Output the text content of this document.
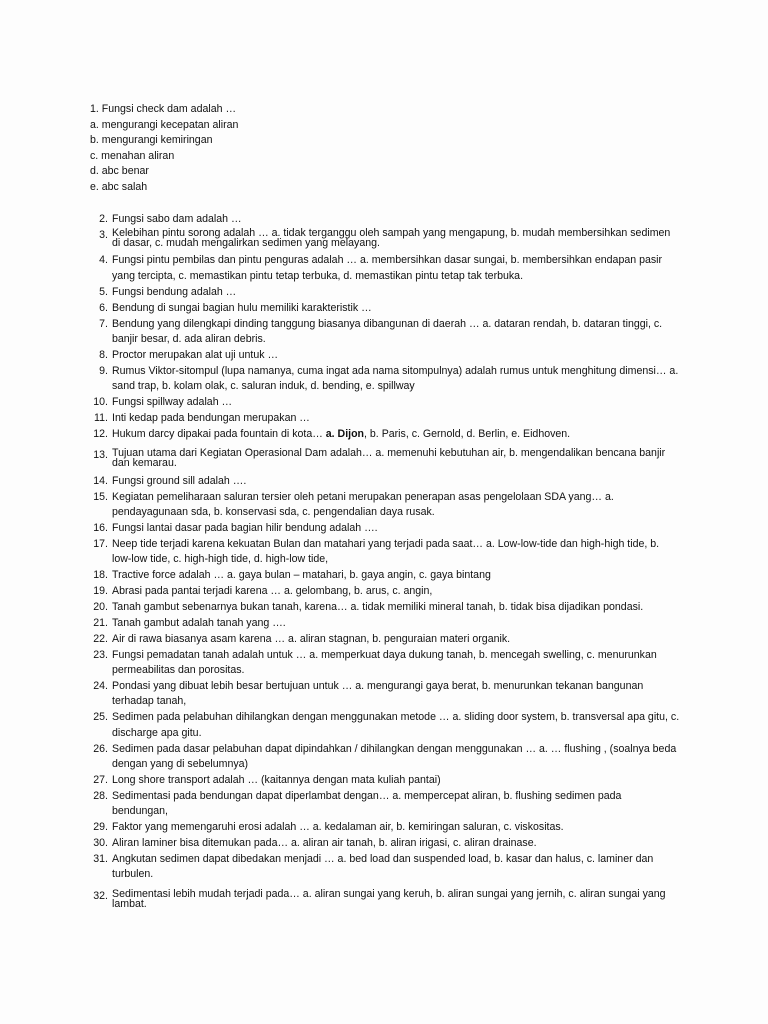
1. Fungsi check dam adalah …
a. mengurangi kecepatan aliran
b. mengurangi kemiringan
c. menahan aliran
d. abc benar
e. abc salah
2. Fungsi sabo dam adalah …
3. Kelebihan pintu sorong adalah … a. tidak terganggu oleh sampah yang mengapung, b. mudah membersihkan sedimen di dasar, c. mudah mengalirkan sedimen yang melayang.
4. Fungsi pintu pembilas dan pintu penguras adalah … a. membersihkan dasar sungai, b. membersihkan endapan pasir yang tercipta, c. memastikan pintu tetap terbuka, d. memastikan pintu tetap tak terbuka.
5. Fungsi bendung adalah …
6. Bendung di sungai bagian hulu memiliki karakteristik …
7. Bendung yang dilengkapi dinding tanggung biasanya dibangunan di daerah … a. dataran rendah, b. dataran tinggi, c. banjir besar, d. ada aliran debris.
8. Proctor merupakan alat uji untuk …
9. Rumus Viktor-sitompul (lupa namanya, cuma ingat ada nama sitompulnya) adalah rumus untuk menghitung dimensi… a. sand trap, b. kolam olak, c. saluran induk, d. bending, e. spillway
10. Fungsi spillway adalah …
11. Inti kedap pada bendungan merupakan …
12. Hukum darcy dipakai pada fountain di kota… a. Dijon, b. Paris, c. Gernold, d. Berlin, e. Eidhoven.
13. Tujuan utama dari Kegiatan Operasional Dam adalah… a. memenuhi kebutuhan air, b. mengendalikan bencana banjir dan kemarau.
14. Fungsi ground sill adalah ….
15. Kegiatan pemeliharaan saluran tersier oleh petani merupakan penerapan asas pengelolaan SDA yang… a. pendayagunaan sda, b. konservasi sda, c. pengendalian daya rusak.
16. Fungsi lantai dasar pada bagian hilir bendung adalah ….
17. Neep tide terjadi karena kekuatan Bulan dan matahari yang terjadi pada saat… a. Low-low-tide dan high-high tide, b. low-low tide, c. high-high tide, d. high-low tide,
18. Tractive force adalah … a. gaya bulan – matahari, b. gaya angin, c. gaya bintang
19. Abrasi pada pantai terjadi karena … a. gelombang, b. arus, c. angin,
20. Tanah gambut sebenarnya bukan tanah, karena… a. tidak memiliki mineral tanah, b. tidak bisa dijadikan pondasi.
21. Tanah gambut adalah tanah yang ….
22. Air di rawa biasanya asam karena … a. aliran stagnan, b. penguraian materi organik.
23. Fungsi pemadatan tanah adalah untuk … a. memperkuat daya dukung tanah, b. mencegah swelling, c. menurunkan permeabilitas dan porositas.
24. Pondasi yang dibuat lebih besar bertujuan untuk … a. mengurangi gaya berat, b. menurunkan tekanan bangunan terhadap tanah,
25. Sedimen pada pelabuhan dihilangkan dengan menggunakan metode … a. sliding door system, b. transversal apa gitu, c. discharge apa gitu.
26. Sedimen pada dasar pelabuhan dapat dipindahkan / dihilangkan dengan menggunakan … a. … flushing , (soalnya beda dengan yang di sebelumnya)
27. Long shore transport adalah … (kaitannya dengan mata kuliah pantai)
28. Sedimentasi pada bendungan dapat diperlambat dengan… a. mempercepat aliran, b. flushing sedimen pada bendungan,
29. Faktor yang memengaruhi erosi adalah … a. kedalaman air, b. kemiringan saluran, c. viskositas.
30. Aliran laminer bisa ditemukan pada… a. aliran air tanah, b. aliran irigasi, c. aliran drainase.
31. Angkutan sedimen dapat dibedakan menjadi … a. bed load dan suspended load, b. kasar dan halus, c. laminer dan turbulen.
32. Sedimentasi lebih mudah terjadi pada… a. aliran sungai yang keruh, b. aliran sungai yang jernih, c. aliran sungai yang lambat.
